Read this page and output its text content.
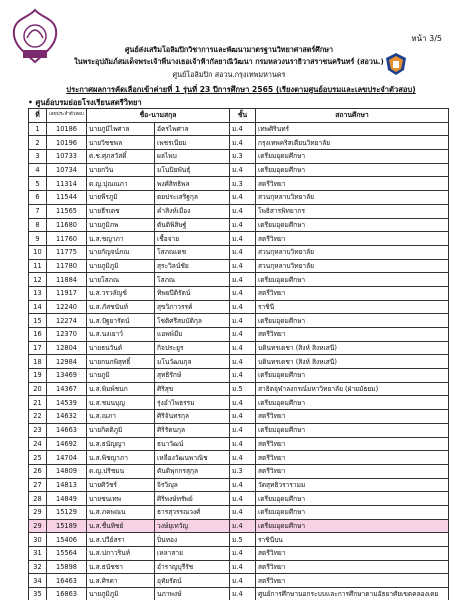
ศูนย์ส่งเสริมโอลิมปิกวิชาการและพัฒนามาตรฐานวิทยาศาสตร์ศึกษา
ในพระอุปถัมภ์สมเด็จพระเจ้าพี่นางเธอเจ้าฟ้ากัลยาณิวัฒนา กรมหลวงนราธิวาสราชนครินทร์ (สอวน.)
ศูนย์โอลิมปิก สอวน.กรุงเทพมหานคร
หน้า 3/5
ประกาศผลการคัดเลือกเข้าค่ายที่ 1 รุ่นที่ 23 ปีการศึกษา 2565 (เรียงตามศูนย์อบรมและเลขประจำตัวสอบ)
• ศูนย์อบรมย่อยโรงเรียนสตรีวิทยา
ที่	เลขประจำตัวสอบ	ชื่อ-นามสกุล		ชั้น	สถานศึกษา
1	10186	นายภูมิไพศาล	อัครไพศาล	ม.4	เทพศิรินทร์
2	10196	นายวิชชพล	เพชรเนียม	ม.4	กรุงเทพคริสเตียนวิทยาลัย
3	10733	ด.ช.ศุภสวัสดิ์	ผลไพบ	ม.3	เตรียมอุดมศึกษา
4	10734	นายกวิน	มโนปิยพันธุ์	ม.4	เตรียมอุดมศึกษา
5	11314	ด.ญ.ปุณณภา	พงศ์สิทธิพล	ม.3	สตรีวิทยา
6	11544	นายพีรภูมิ	ตยประเสริฐกุล	ม.4	สวนกุหลาบวิทยาลัย
7	11565	นายธีรเดช	คำสิงห์เมือง	ม.4	โพธิสารพิทยากร
8	11680	นายภูมิภพ	ตันติพิสิษฐ์	ม.4	เตรียมอุดมศึกษา
9	11760	น.ส.ชญาภา	เชื้อจาย	ม.4	สตรีวิทยา
10	11775	นายกัญจน์ภณ	โสภณเดช	ม.4	สวนกุหลาบวิทยาลัย
11	11780	นายภูมิภูมิ	สุระวิลน์ชัย	ม.4	สวนกุหลาบวิทยาลัย
12	11884	นายโสภณ	โสภณ	ม.4	เตรียมอุดมศึกษา
13	11917	น.ส.วรวลัญช์	ทิพยปีติรัตน์	ม.4	สตรีวิทยา
14	12240	น.ส.ภัสชนันท์	สุขวิภาวรรค์	ม.4	ราชินี
15	12274	น.ส.ปัฐยารัตน์	โชติศรีสมบัติกุล	ม.4	เตรียมอุดมศึกษา
16	12370	น.ส.นงเยาว์	แอพพ์มีม	ม.4	สตรีวิทยา
17	12804	นายธนวันต์	กิจประยูร	ม.4	บดินทรเดชา (สิงห์ สิงหเสนี)
18	12984	นายกนกพิสุทธิ์	มโนวัฒนกุล	ม.4	บดินทรเดชา (สิงห์ สิงหเสนี)
19	13469	นายภูมิ	สุทธิรักษ์	ม.4	เตรียมอุดมศึกษา
20	14367	น.ส.พิมพ์ชนก	ศิริสุข	ม.5	สาธิตจุฬาลงกรณ์มหาวิทยาลัย (ฝ่ายมัธยม)
21	14539	น.ส.ชมนบุญ	รุ่งอำไพธรรม	ม.4	เตรียมอุดมศึกษา
22	14632	น.ส.ณภา	ศิริจันทรกุล	ม.4	สตรีวิทยา
23	14663	นายกิตติภูมิ	ศิริรัตนกุล	ม.4	เตรียมอุดมศึกษา
24	14692	น.ส.ธนัญญา	ธนาวัฒน์	ม.4	สตรีวิทยา
25	14704	น.ส.พิชญาภา	เหลืองวัฒนพาณิช	ม.4	สตรีวิทยา
26	14809	ด.ญ.ปริชมน	ตันติพุกกรสุกุล	ม.3	สตรีวิทยา
27	14813	นายศิวัชร์	จิรวิญุล	ม.4	วัดสุทธิวรารามม
28	14849	นายชนเทพ	ศิริพงษ์ทรัพย์	ม.4	เตรียมอุดมศึกษา
29	15129	น.ส.ภคพณน	ธารสุวรรณวงศ์	ม.4	เตรียมอุดมศึกษา
29	15189	น.ส.ชื่นทิชย์	วงษ์ยุเทวัญ	ม.4	เตรียมอุดมศึกษา
30	15406	น.ส.ปวีย์สรา	ปิ่นทอง	ม.5	ราชินีบน
31	15564	น.ส.ปภาวรินท์	เหลาสาย	ม.4	สตรีวิทยา
32	15898	น.ส.ธนัชชา	อำราญบุรีรัช	ม.4	สตรีวิทยา
34	16463	น.ส.ศิรดา	อุทัยรัตน์	ม.4	สตรีวิทยา
35	16863	นายภูมิภูมิ	นภาพงษ์	ม.4	ศูนย์การศึกษานอกระบบและการศึกษาตามอัธยาศัยเขตคลองเตย
